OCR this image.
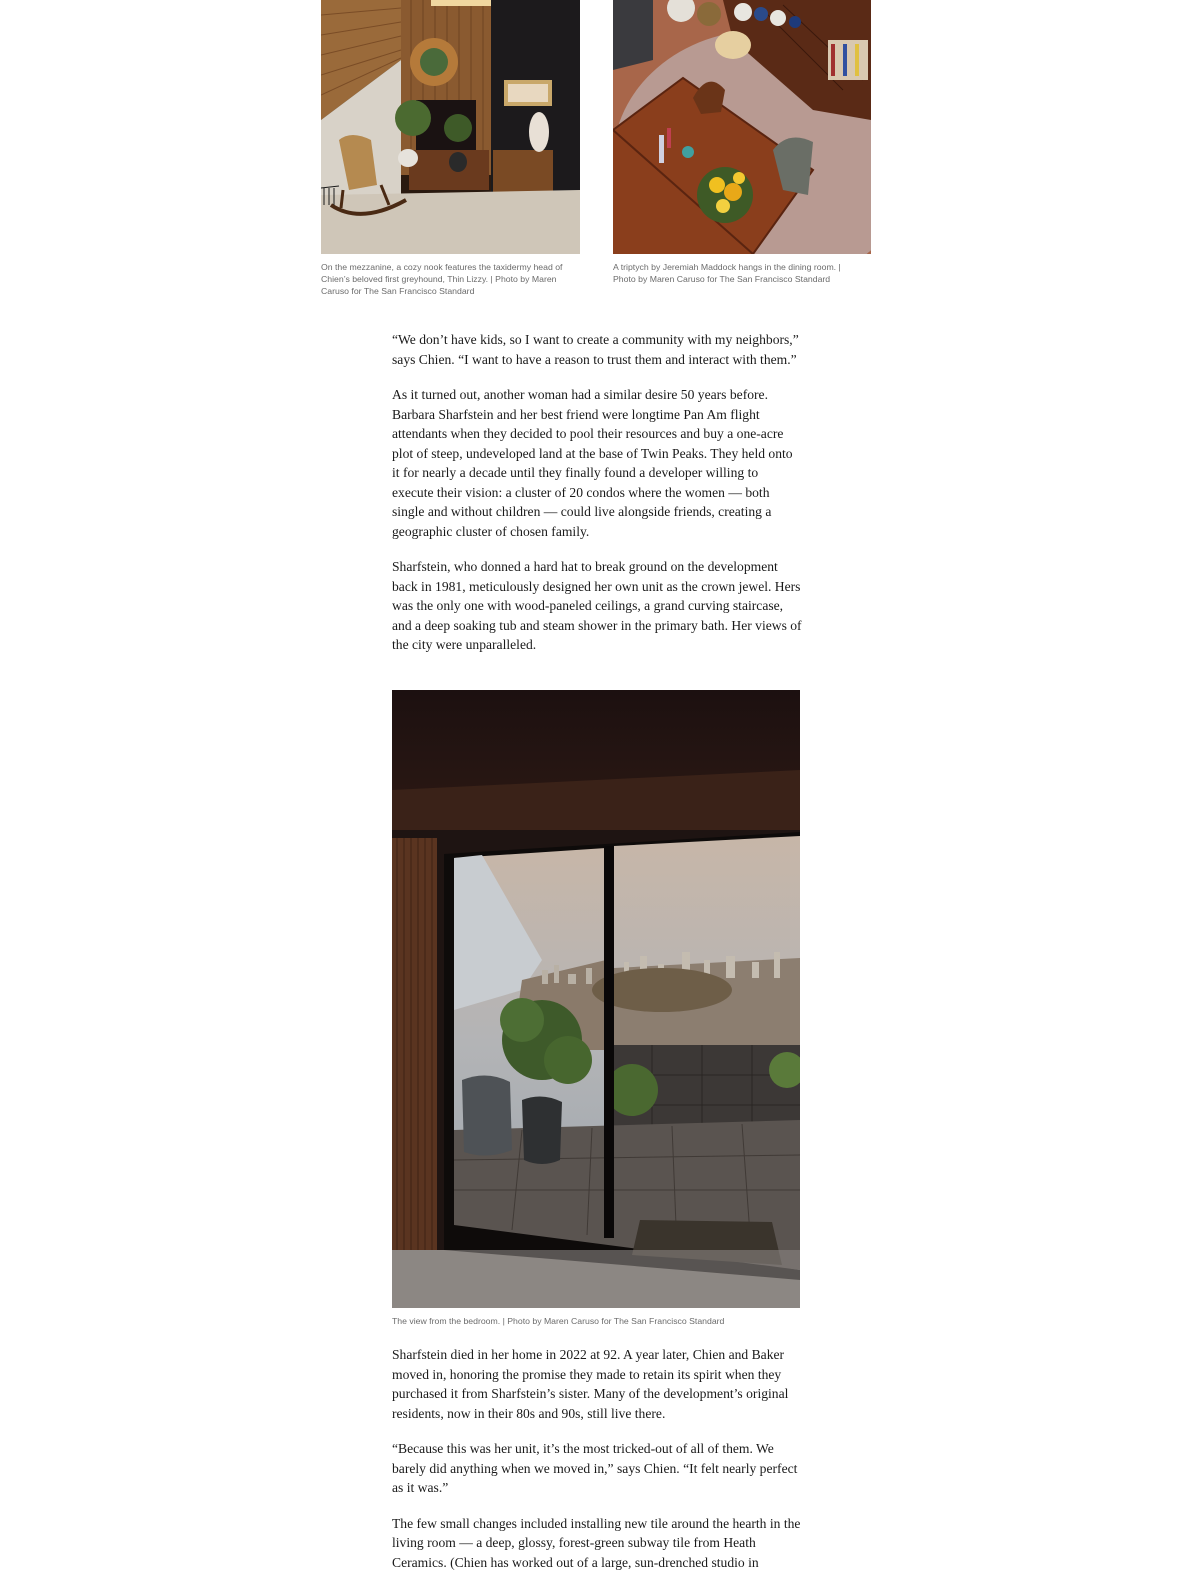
On the mezzanine, a cozy nook features the taxidermy head of Chien’s beloved first greyhound, Thin Lizzy. | Photo by Maren Caruso for The San Francisco Standard

A triptych by Jeremiah Maddock hangs in the dining room. | Photo by Maren Caruso for The San Francisco Standard

“We don’t have kids, so I want to create a community with my neighbors,” says Chien. “I want to have a reason to trust them and interact with them.”

As it turned out, another woman had a similar desire 50 years before. Barbara Sharfstein and her best friend were longtime Pan Am flight attendants when they decided to pool their resources and buy a one-acre plot of steep, undeveloped land at the base of Twin Peaks. They held onto it for nearly a decade until they finally found a developer willing to execute their vision: a cluster of 20 condos where the women — both single and without children — could live alongside friends, creating a geographic cluster of chosen family.

Sharfstein, who donned a hard hat to break ground on the development back in 1981, meticulously designed her own unit as the crown jewel. Hers was the only one with wood-paneled ceilings, a grand curving staircase, and a deep soaking tub and steam shower in the primary bath. Her views of the city were unparalleled.

The view from the bedroom. | Photo by Maren Caruso for The San Francisco Standard

Sharfstein died in her home in 2022 at 92. A year later, Chien and Baker moved in, honoring the promise they made to retain its spirit when they purchased it from Sharfstein’s sister. Many of the development’s original residents, now in their 80s and 90s, still live there.

“Because this was her unit, it’s the most tricked-out of all of them. We barely did anything when we moved in,” says Chien. “It felt nearly perfect as it was.”

The few small changes included installing new tile around the hearth in the living room — a deep, glossy, forest-green subway tile from Heath Ceramics. (Chien has worked out of a large, sun-drenched studio in
